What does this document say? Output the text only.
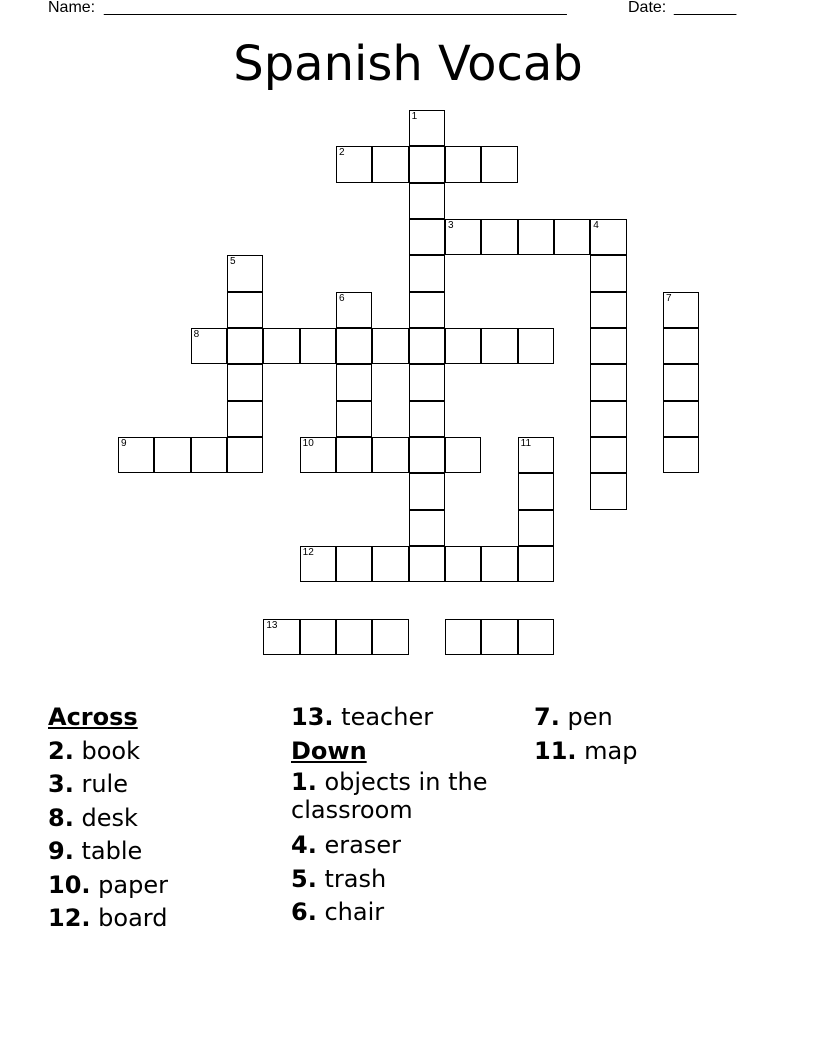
Name: ____________________________________________________	Date: _______
Spanish Vocab
1
2
3	4
5
6	7
8
9	10	11
12
13
Across
2. book
3. rule
8. desk
9. table
10. paper
12. board
13. teacher
Down
1. objects in the classroom
4. eraser
5. trash
6. chair
7. pen
11. map
